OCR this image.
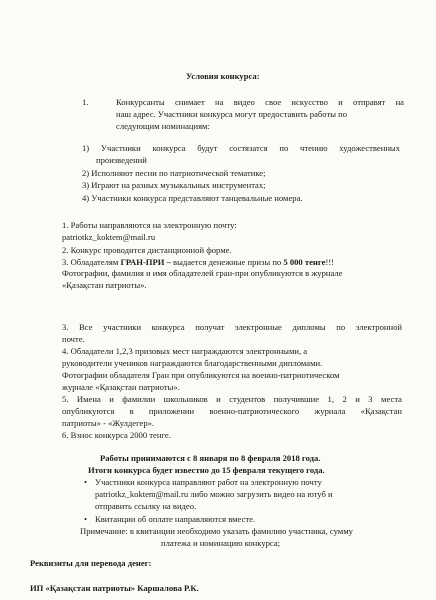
Условия конкурса:
1.	Конкурсанты снимает на видео свое искусство и отправят на
наш адрес. Участники конкурса могут предоставить работы по
следующим номинациям:
1) Участники конкурса будут состязатся по чтению художественных
произведений
2) Исполняют песни по патриотической тематике;
3) Играют на разных музыкальных инструментах;
4) Участники конкурса представляют танцевальные номера.
1. Работы направляются на электронную почту:
patriotkz_koktem@mail.ru
2. Конкурс проводится дистанционной форме.
3. Обладателям ГРАН-ПРИ – выдается денежные призы по 5 000 тенге!!!
Фотографии, фамилия и имя обладателей гран-при опубликуются в журнале
«Қазақстан патриоты».
3. Все участники конкурса получат электронные дипломы по электронной
почте.
4. Обладатели 1,2,3 призовых мест награждаются электронными, а
руководители учеников награждаются благодарственными дипломами.
Фотографии обладателя Гран при опубликуются на военно-патриотическом
журнале «Қазақстан патриоты».
5. Имена и фамилии школьников и студентов получившие 1, 2 и 3 места
опубликуются в приложении военно-патриотического журнала «Қазақстан
патриоты» - «Жулдегер».
6. Взнос конкурса 2000 тенге.
Работы принимаются с 8 января по 8 февраля 2018 года.
Итоги конкурса будет известно до 15 февраля текущего года.
• Участники конкурса направляют работ на электронную почту
patriotkz_koktem@mail.ru либо можно загрузить видео на ютуб и
отправить ссылку на видео.
• Квитанции об оплате направляются вместе.
Примечание: в квитанции необходимо указать фамилию участника, сумму
платежа и номинацию конкурса;
Реквизиты для перевода денег:
ИП «Қазақстан патриоты» Каршалова Р.К.
